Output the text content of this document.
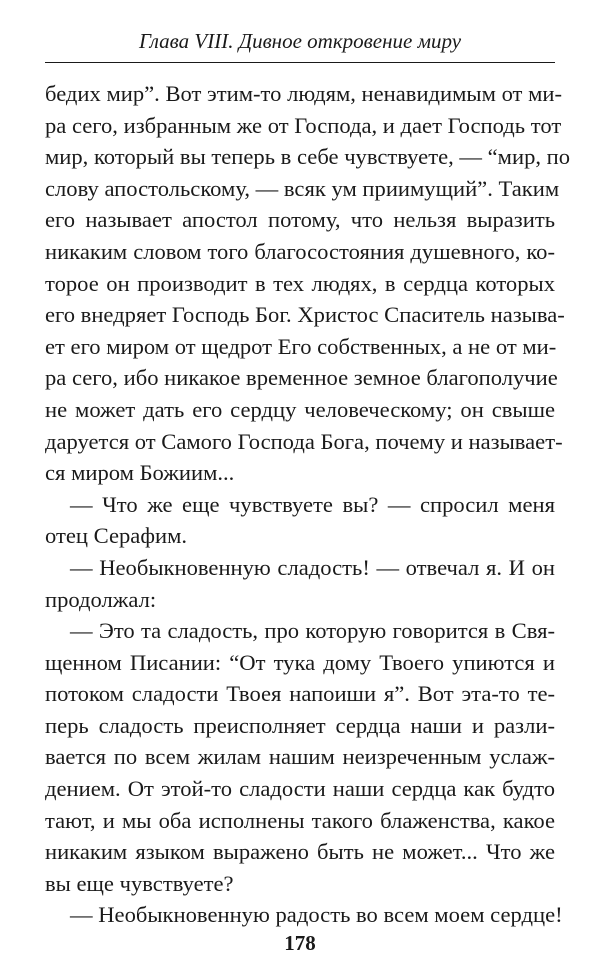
Глава VIII. Дивное откровение миру
бедих мир”. Вот этим-то людям, ненавидимым от ми-
ра сего, избранным же от Господа, и дает Господь тот
мир, который вы теперь в себе чувствуете, — “мир, по
слову апостольскому, — всяк ум приимущий”. Таким
его называет апостол потому, что нельзя выразить
никаким словом того благосостояния душевного, ко-
торое он производит в тех людях, в сердца которых
его внедряет Господь Бог. Христос Спаситель называ-
ет его миром от щедрот Его собственных, а не от ми-
ра сего, ибо никакое временное земное благополучие
не может дать его сердцу человеческому; он свыше
даруется от Самого Господа Бога, почему и называет-
ся миром Божиим...
— Что же еще чувствуете вы? — спросил меня
отец Серафим.
— Необыкновенную сладость! — отвечал я. И он
продолжал:
— Это та сладость, про которую говорится в Свя-
щенном Писании: “От тука дому Твоего упиются и
потоком сладости Твоея напоиши я”. Вот эта-то те-
перь сладость преисполняет сердца наши и разли-
вается по всем жилам нашим неизреченным услаж-
дением. От этой-то сладости наши сердца как будто
тают, и мы оба исполнены такого блаженства, какое
никаким языком выражено быть не может... Что же
вы еще чувствуете?
— Необыкновенную радость во всем моем сердце!
178
